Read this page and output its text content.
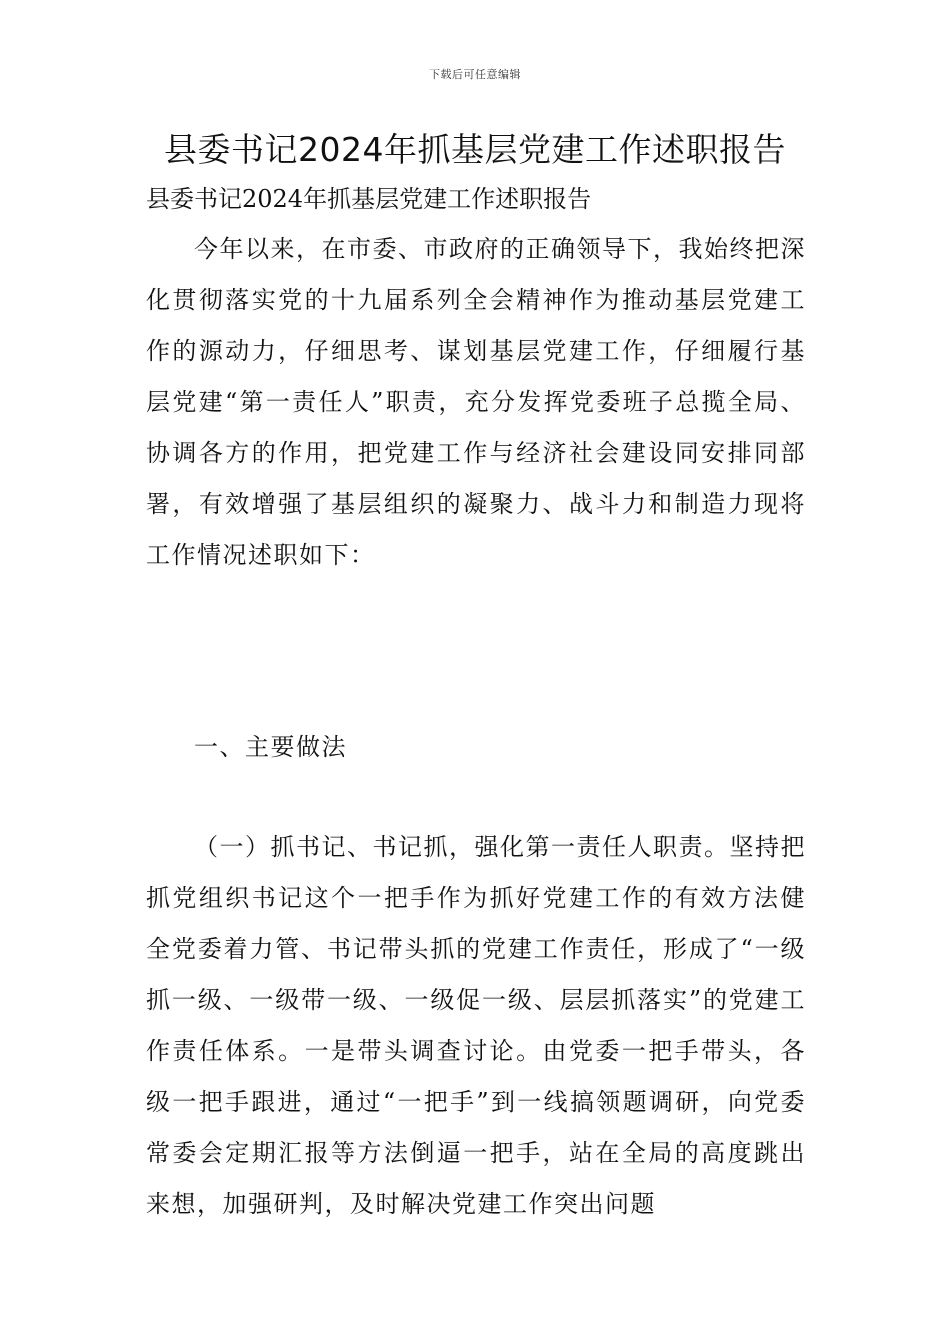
下载后可任意编辑
县委书记2024年抓基层党建工作述职报告
县委书记2024年抓基层党建工作述职报告
今年以来，在市委、市政府的正确领导下，我始终把深化贯彻落实党的十九届系列全会精神作为推动基层党建工作的源动力，仔细思考、谋划基层党建工作，仔细履行基层党建“第一责任人”职责，充分发挥党委班子总揽全局、协调各方的作用，把党建工作与经济社会建设同安排同部署，有效增强了基层组织的凝聚力、战斗力和制造力现将工作情况述职如下：
一、主要做法
（一）抓书记、书记抓，强化第一责任人职责。坚持把抓党组织书记这个一把手作为抓好党建工作的有效方法健全党委着力管、书记带头抓的党建工作责任，形成了“一级抓一级、一级带一级、一级促一级、层层抓落实”的党建工作责任体系。一是带头调查讨论。由党委一把手带头，各级一把手跟进，通过“一把手”到一线搞领题调研，向党委常委会定期汇报等方法倒逼一把手，站在全局的高度跳出来想，加强研判，及时解决党建工作突出问题
